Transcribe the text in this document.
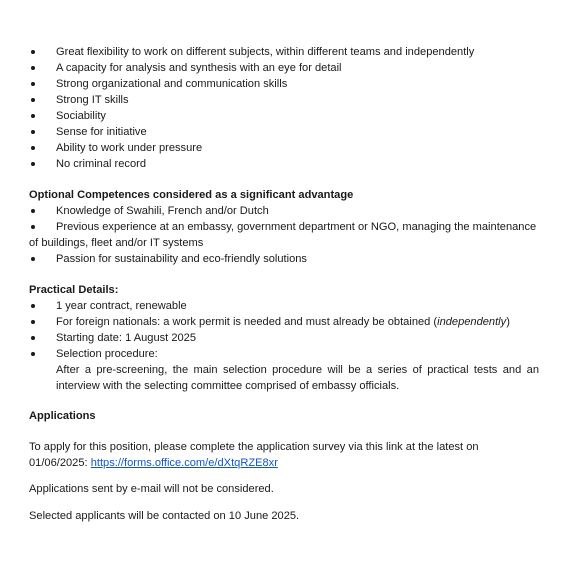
Great flexibility to work on different subjects, within different teams and independently
A capacity for analysis and synthesis with an eye for detail
Strong organizational and communication skills
Strong IT skills
Sociability
Sense for initiative
Ability to work under pressure
No criminal record

Optional Competences considered as a significant advantage

Knowledge of Swahili, French and/or Dutch
Previous experience at an embassy, government department or NGO, managing the maintenance of buildings, fleet and/or IT systems
Passion for sustainability and eco-friendly solutions

Practical Details:

1 year contract, renewable
For foreign nationals: a work permit is needed and must already be obtained (independently)
Starting date: 1 August 2025
Selection procedure:
After a pre-screening, the main selection procedure will be a series of practical tests and an interview with the selecting committee comprised of embassy officials.

Applications

To apply for this position, please complete the application survey via this link at the latest on 01/06/2025: https://forms.office.com/e/dXtqRZE8xr

Applications sent by e-mail will not be considered.

Selected applicants will be contacted on 10 June 2025.
